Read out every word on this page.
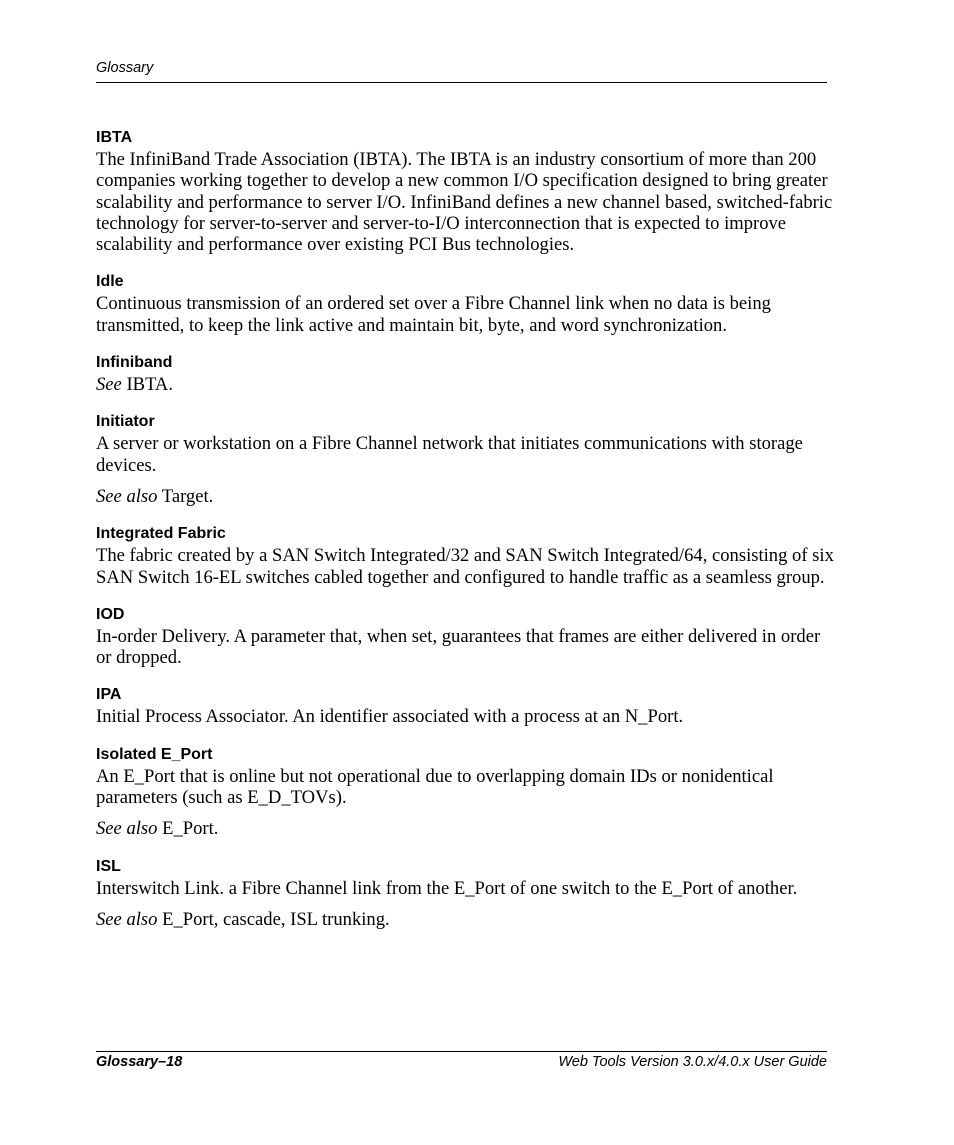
Glossary

IBTA

The InfiniBand Trade Association (IBTA). The IBTA is an industry consortium of more than 200 companies working together to develop a new common I/O specification designed to bring greater scalability and performance to server I/O. InfiniBand defines a new channel based, switched-fabric technology for server-to-server and server-to-I/O interconnection that is expected to improve scalability and performance over existing PCI Bus technologies.

Idle

Continuous transmission of an ordered set over a Fibre Channel link when no data is being transmitted, to keep the link active and maintain bit, byte, and word synchronization.

Infiniband

See IBTA.

Initiator

A server or workstation on a Fibre Channel network that initiates communications with storage devices.

See also Target.

Integrated Fabric

The fabric created by a SAN Switch Integrated/32 and SAN Switch Integrated/64, consisting of six SAN Switch 16-EL switches cabled together and configured to handle traffic as a seamless group.

IOD

In-order Delivery. A parameter that, when set, guarantees that frames are either delivered in order or dropped.

IPA

Initial Process Associator. An identifier associated with a process at an N_Port.

Isolated E_Port

An E_Port that is online but not operational due to overlapping domain IDs or nonidentical parameters (such as E_D_TOVs).

See also E_Port.

ISL

Interswitch Link. a Fibre Channel link from the E_Port of one switch to the E_Port of another.

See also E_Port, cascade, ISL trunking.

Glossary–18	Web Tools Version 3.0.x/4.0.x User Guide
